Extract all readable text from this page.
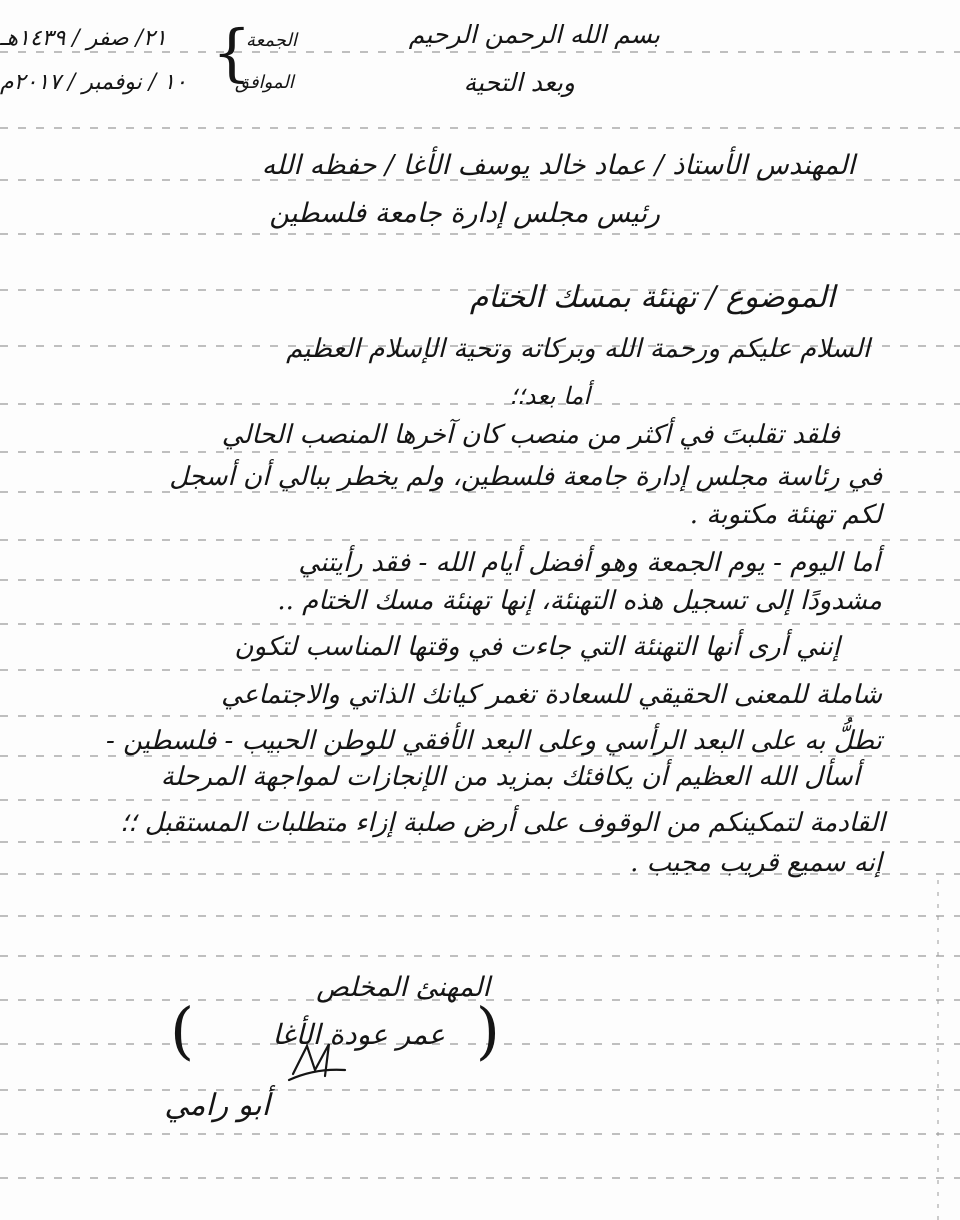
٢١/ صفر / ١٤٣٩هـ
١٠ / نوفمبر / ٢٠١٧م {
الجمعة
الموافق
بسم الله الرحمن الرحيم
وبعد التحية
المهندس الأستاذ / عماد خالد يوسف الأغا / حفظه الله
رئيس مجلس إدارة جامعة فلسطين
الموضوع / تهنئة بمسك الختام
السلام عليكم ورحمة الله وبركاته وتحية الإسلام العظيم
أما بعد؛؛
فلقد تقلبتَ في أكثر من منصب كان آخرها المنصب الحالي
في رئاسة مجلس إدارة جامعة فلسطين، ولم يخطر ببالي أن أسجل
لكم تهنئة مكتوبة .
أما اليوم - يوم الجمعة وهو أفضل أيام الله - فقد رأيتني
مشدودًا إلى تسجيل هذه التهنئة، إنها تهنئة مسك الختام ..
إنني أرى أنها التهنئة التي جاءت في وقتها المناسب لتكون
شاملة للمعنى الحقيقي للسعادة تغمر كيانك الذاتي والاجتماعي
تطلُّ به على البعد الرأسي وعلى البعد الأفقي للوطن الحبيب - فلسطين -
أسأل الله العظيم أن يكافئك بمزيد من الإنجازات لمواجهة المرحلة
القادمة لتمكينكم من الوقوف على أرض صلبة إزاء متطلبات المستقبل ؛؛
إنه سميع قريب مجيب .
المهنئ المخلص
(	)
عمر عودة الأغا
أبو رامي
